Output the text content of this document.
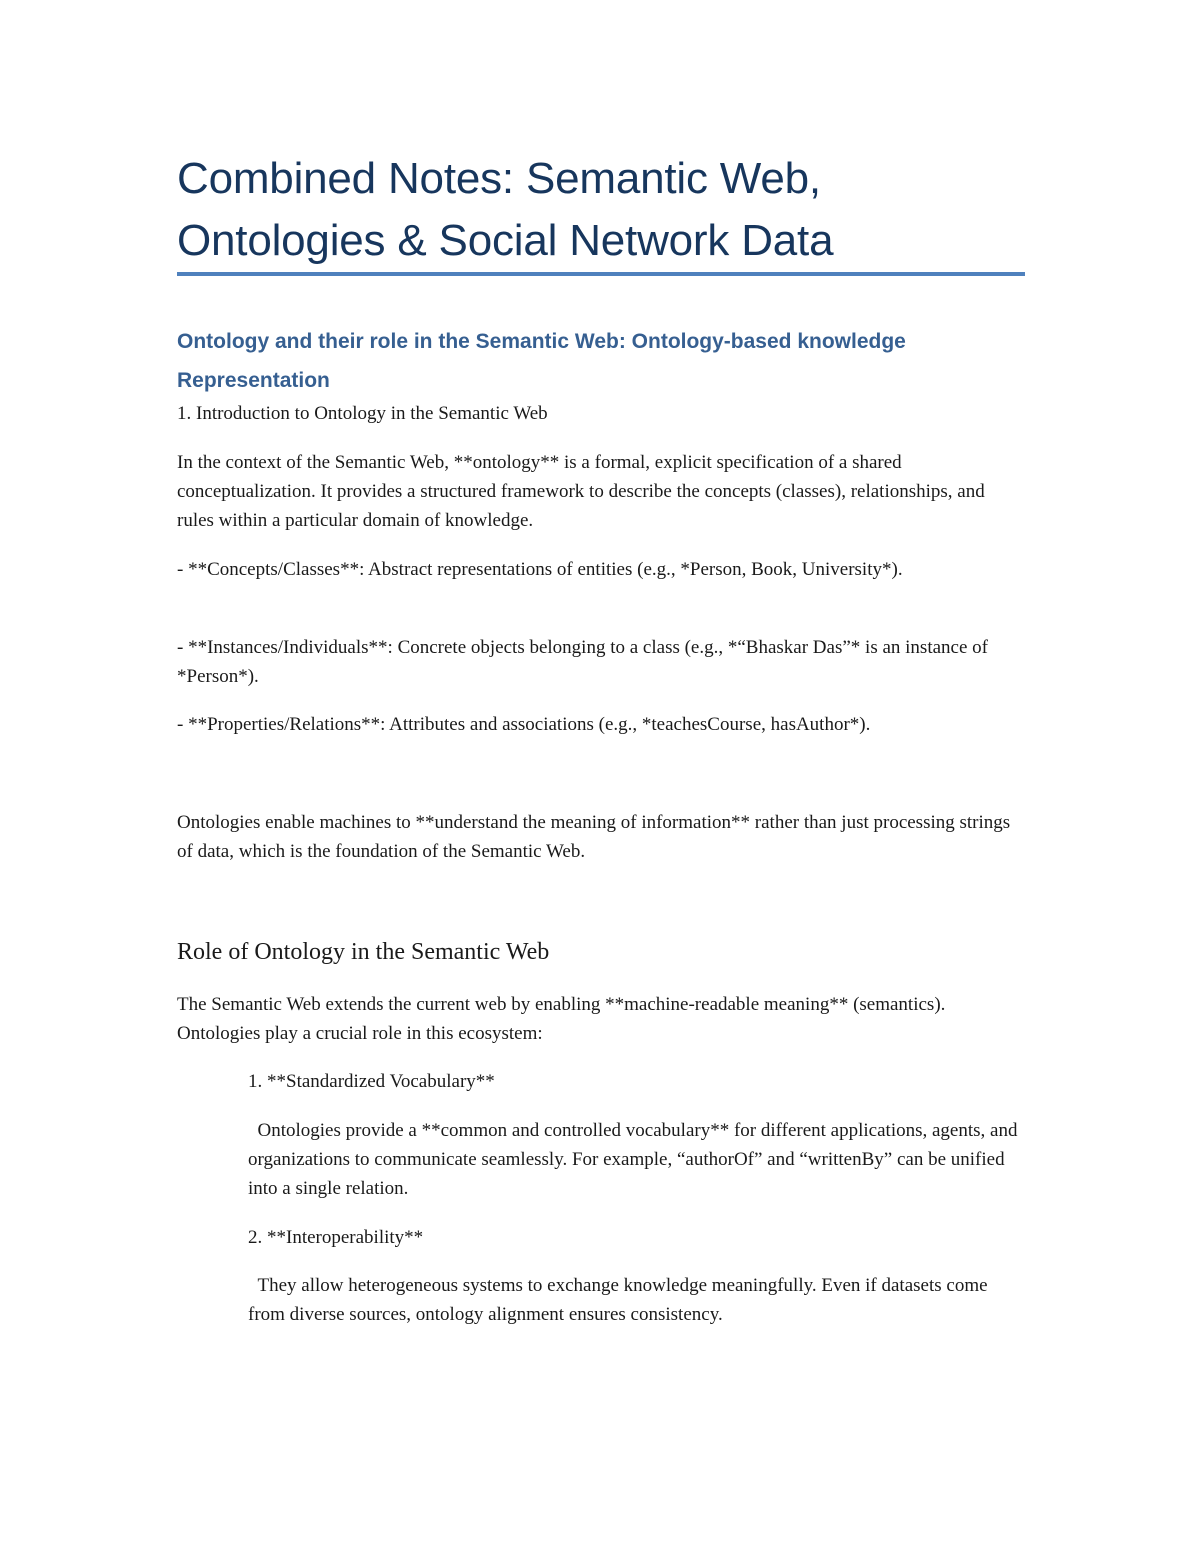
Combined Notes: Semantic Web, Ontologies & Social Network Data
Ontology and their role in the Semantic Web: Ontology-based knowledge Representation

1. Introduction to Ontology in the Semantic Web

In the context of the Semantic Web, **ontology** is a formal, explicit specification of a shared conceptualization. It provides a structured framework to describe the concepts (classes), relationships, and rules within a particular domain of knowledge.

- **Concepts/Classes**: Abstract representations of entities (e.g., *Person, Book, University*).

- **Instances/Individuals**: Concrete objects belonging to a class (e.g., *“Bhaskar Das”* is an instance of *Person*).

- **Properties/Relations**: Attributes and associations (e.g., *teachesCourse, hasAuthor*).

Ontologies enable machines to **understand the meaning of information** rather than just processing strings of data, which is the foundation of the Semantic Web.

Role of Ontology in the Semantic Web

The Semantic Web extends the current web by enabling **machine-readable meaning** (semantics). Ontologies play a crucial role in this ecosystem:

1. **Standardized Vocabulary**

Ontologies provide a **common and controlled vocabulary** for different applications, agents, and organizations to communicate seamlessly. For example, “authorOf” and “writtenBy” can be unified into a single relation.

2. **Interoperability**

They allow heterogeneous systems to exchange knowledge meaningfully. Even if datasets come from diverse sources, ontology alignment ensures consistency.
